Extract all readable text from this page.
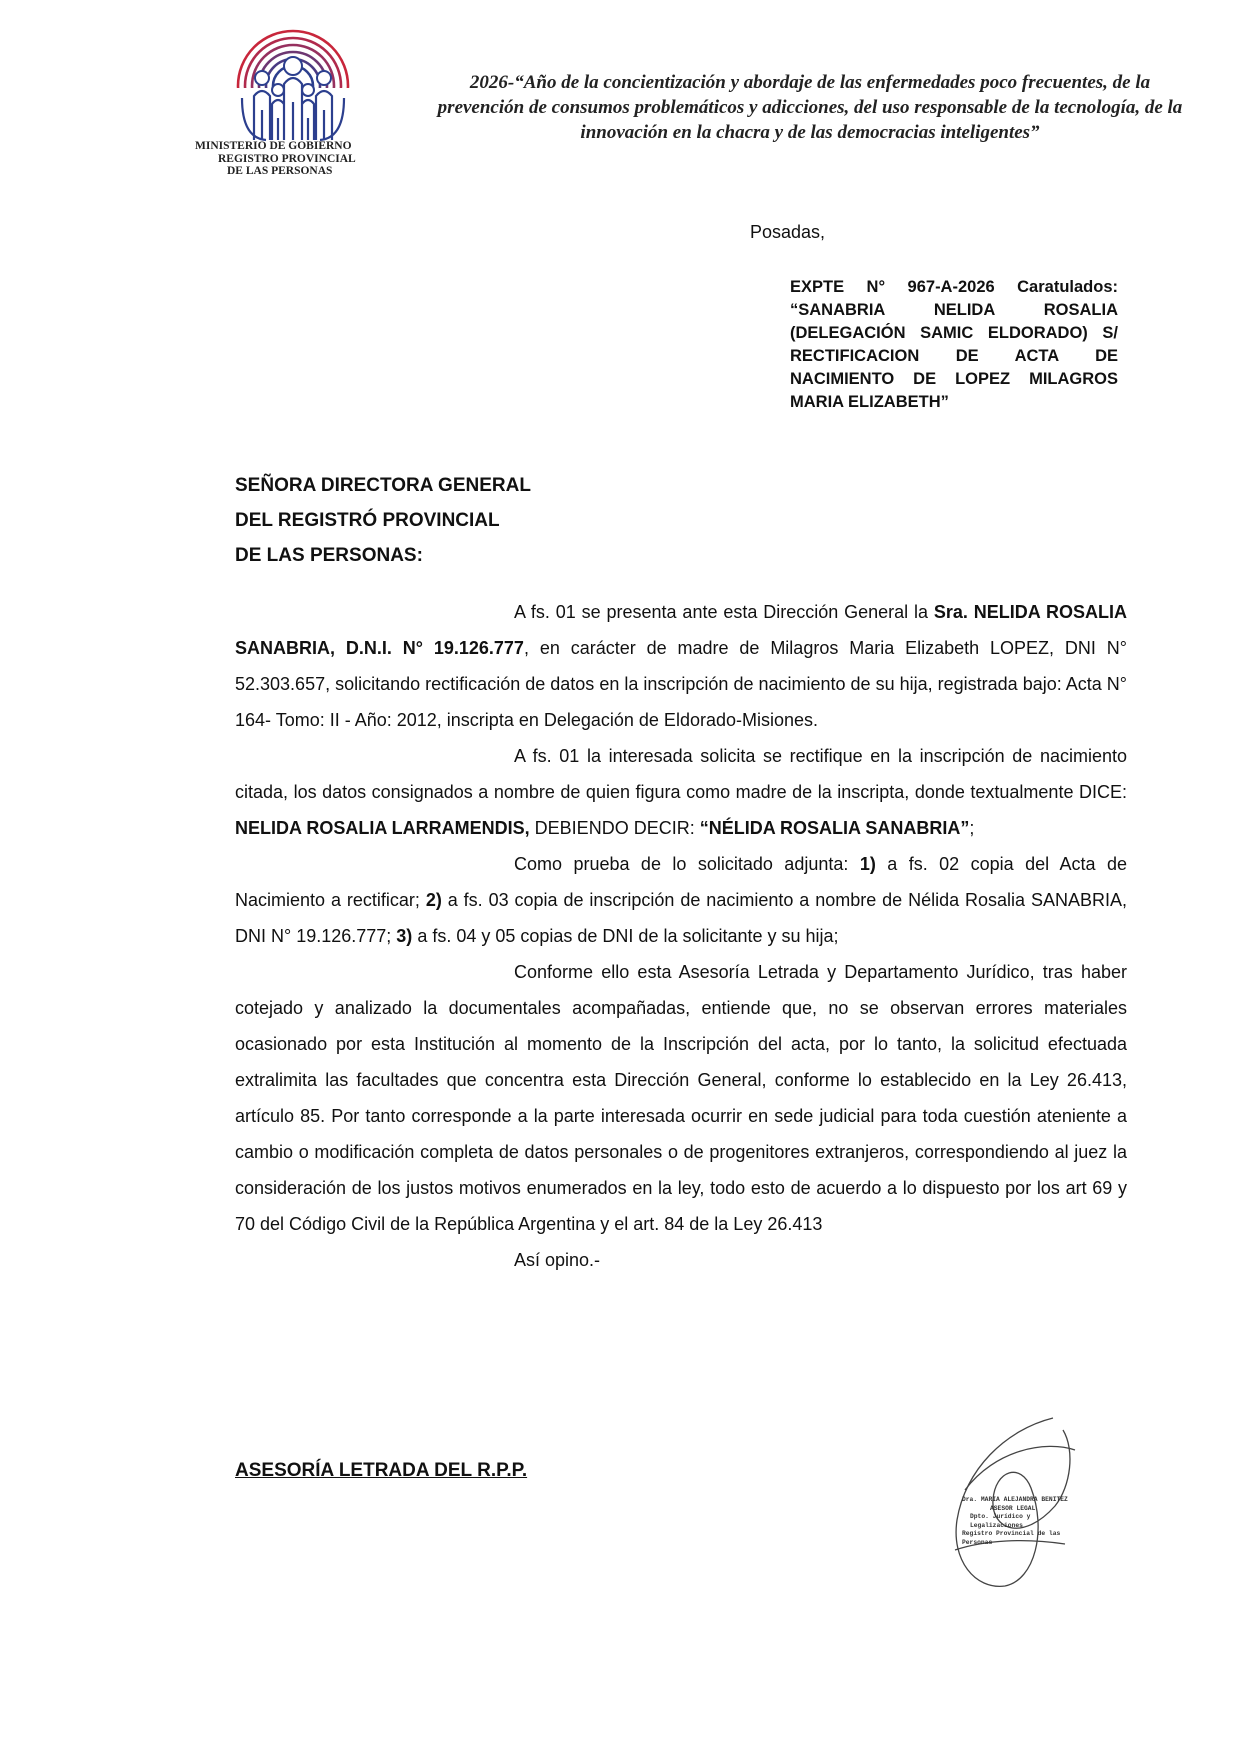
MINISTERIO DE GOBIERNO
REGISTRO PROVINCIAL
DE LAS PERSONAS
2026-“Año de la concientización y abordaje de las enfermedades poco frecuentes, de la prevención de consumos problemáticos y adicciones, del uso responsable de la tecnología, de la innovación en la chacra y de las democracias inteligentes”
Posadas,
EXPTE N° 967-A-2026 Caratulados: “SANABRIA NELIDA ROSALIA (DELEGACIÓN SAMIC ELDORADO) S/ RECTIFICACION DE ACTA DE NACIMIENTO DE LOPEZ MILAGROS MARIA ELIZABETH”
SEÑORA DIRECTORA GENERAL
DEL REGISTRÓ PROVINCIAL
DE LAS PERSONAS:

A fs. 01 se presenta ante esta Dirección General la Sra. NELIDA ROSALIA SANABRIA, D.N.I. N° 19.126.777, en carácter de madre de Milagros Maria Elizabeth LOPEZ, DNI N° 52.303.657, solicitando rectificación de datos en la inscripción de nacimiento de su hija, registrada bajo: Acta N° 164- Tomo: II - Año: 2012, inscripta en Delegación de Eldorado-Misiones.

A fs. 01 la interesada solicita se rectifique en la inscripción de nacimiento citada, los datos consignados a nombre de quien figura como madre de la inscripta, donde textualmente DICE: NELIDA ROSALIA LARRAMENDIS, DEBIENDO DECIR: “NÉLIDA ROSALIA SANABRIA”;

Como prueba de lo solicitado adjunta: 1) a fs. 02 copia del Acta de Nacimiento a rectificar; 2) a fs. 03 copia de inscripción de nacimiento a nombre de Nélida Rosalia SANABRIA, DNI N° 19.126.777; 3) a fs. 04 y 05 copias de DNI de la solicitante y su hija;

Conforme ello esta Asesoría Letrada y Departamento Jurídico, tras haber cotejado y analizado la documentales acompañadas, entiende que, no se observan errores materiales ocasionado por esta Institución al momento de la Inscripción del acta, por lo tanto, la solicitud efectuada extralimita las facultades que concentra esta Dirección General, conforme lo establecido en la Ley 26.413, artículo 85. Por tanto corresponde a la parte interesada ocurrir en sede judicial para toda cuestión ateniente a cambio o modificación completa de datos personales o de progenitores extranjeros, correspondiendo al juez la consideración de los justos motivos enumerados en la ley, todo esto de acuerdo a lo dispuesto por los art 69 y 70 del Código Civil de la República Argentina y el art. 84 de la Ley 26.413

Así opino.-

ASESORÍA LETRADA DEL R.P.P.
Dra. MARIA ALEJANDRA BENITEZ
ASESOR LEGAL
Dpto. Jurídico y Legalizaciones
Registro Provincial de las Personas
